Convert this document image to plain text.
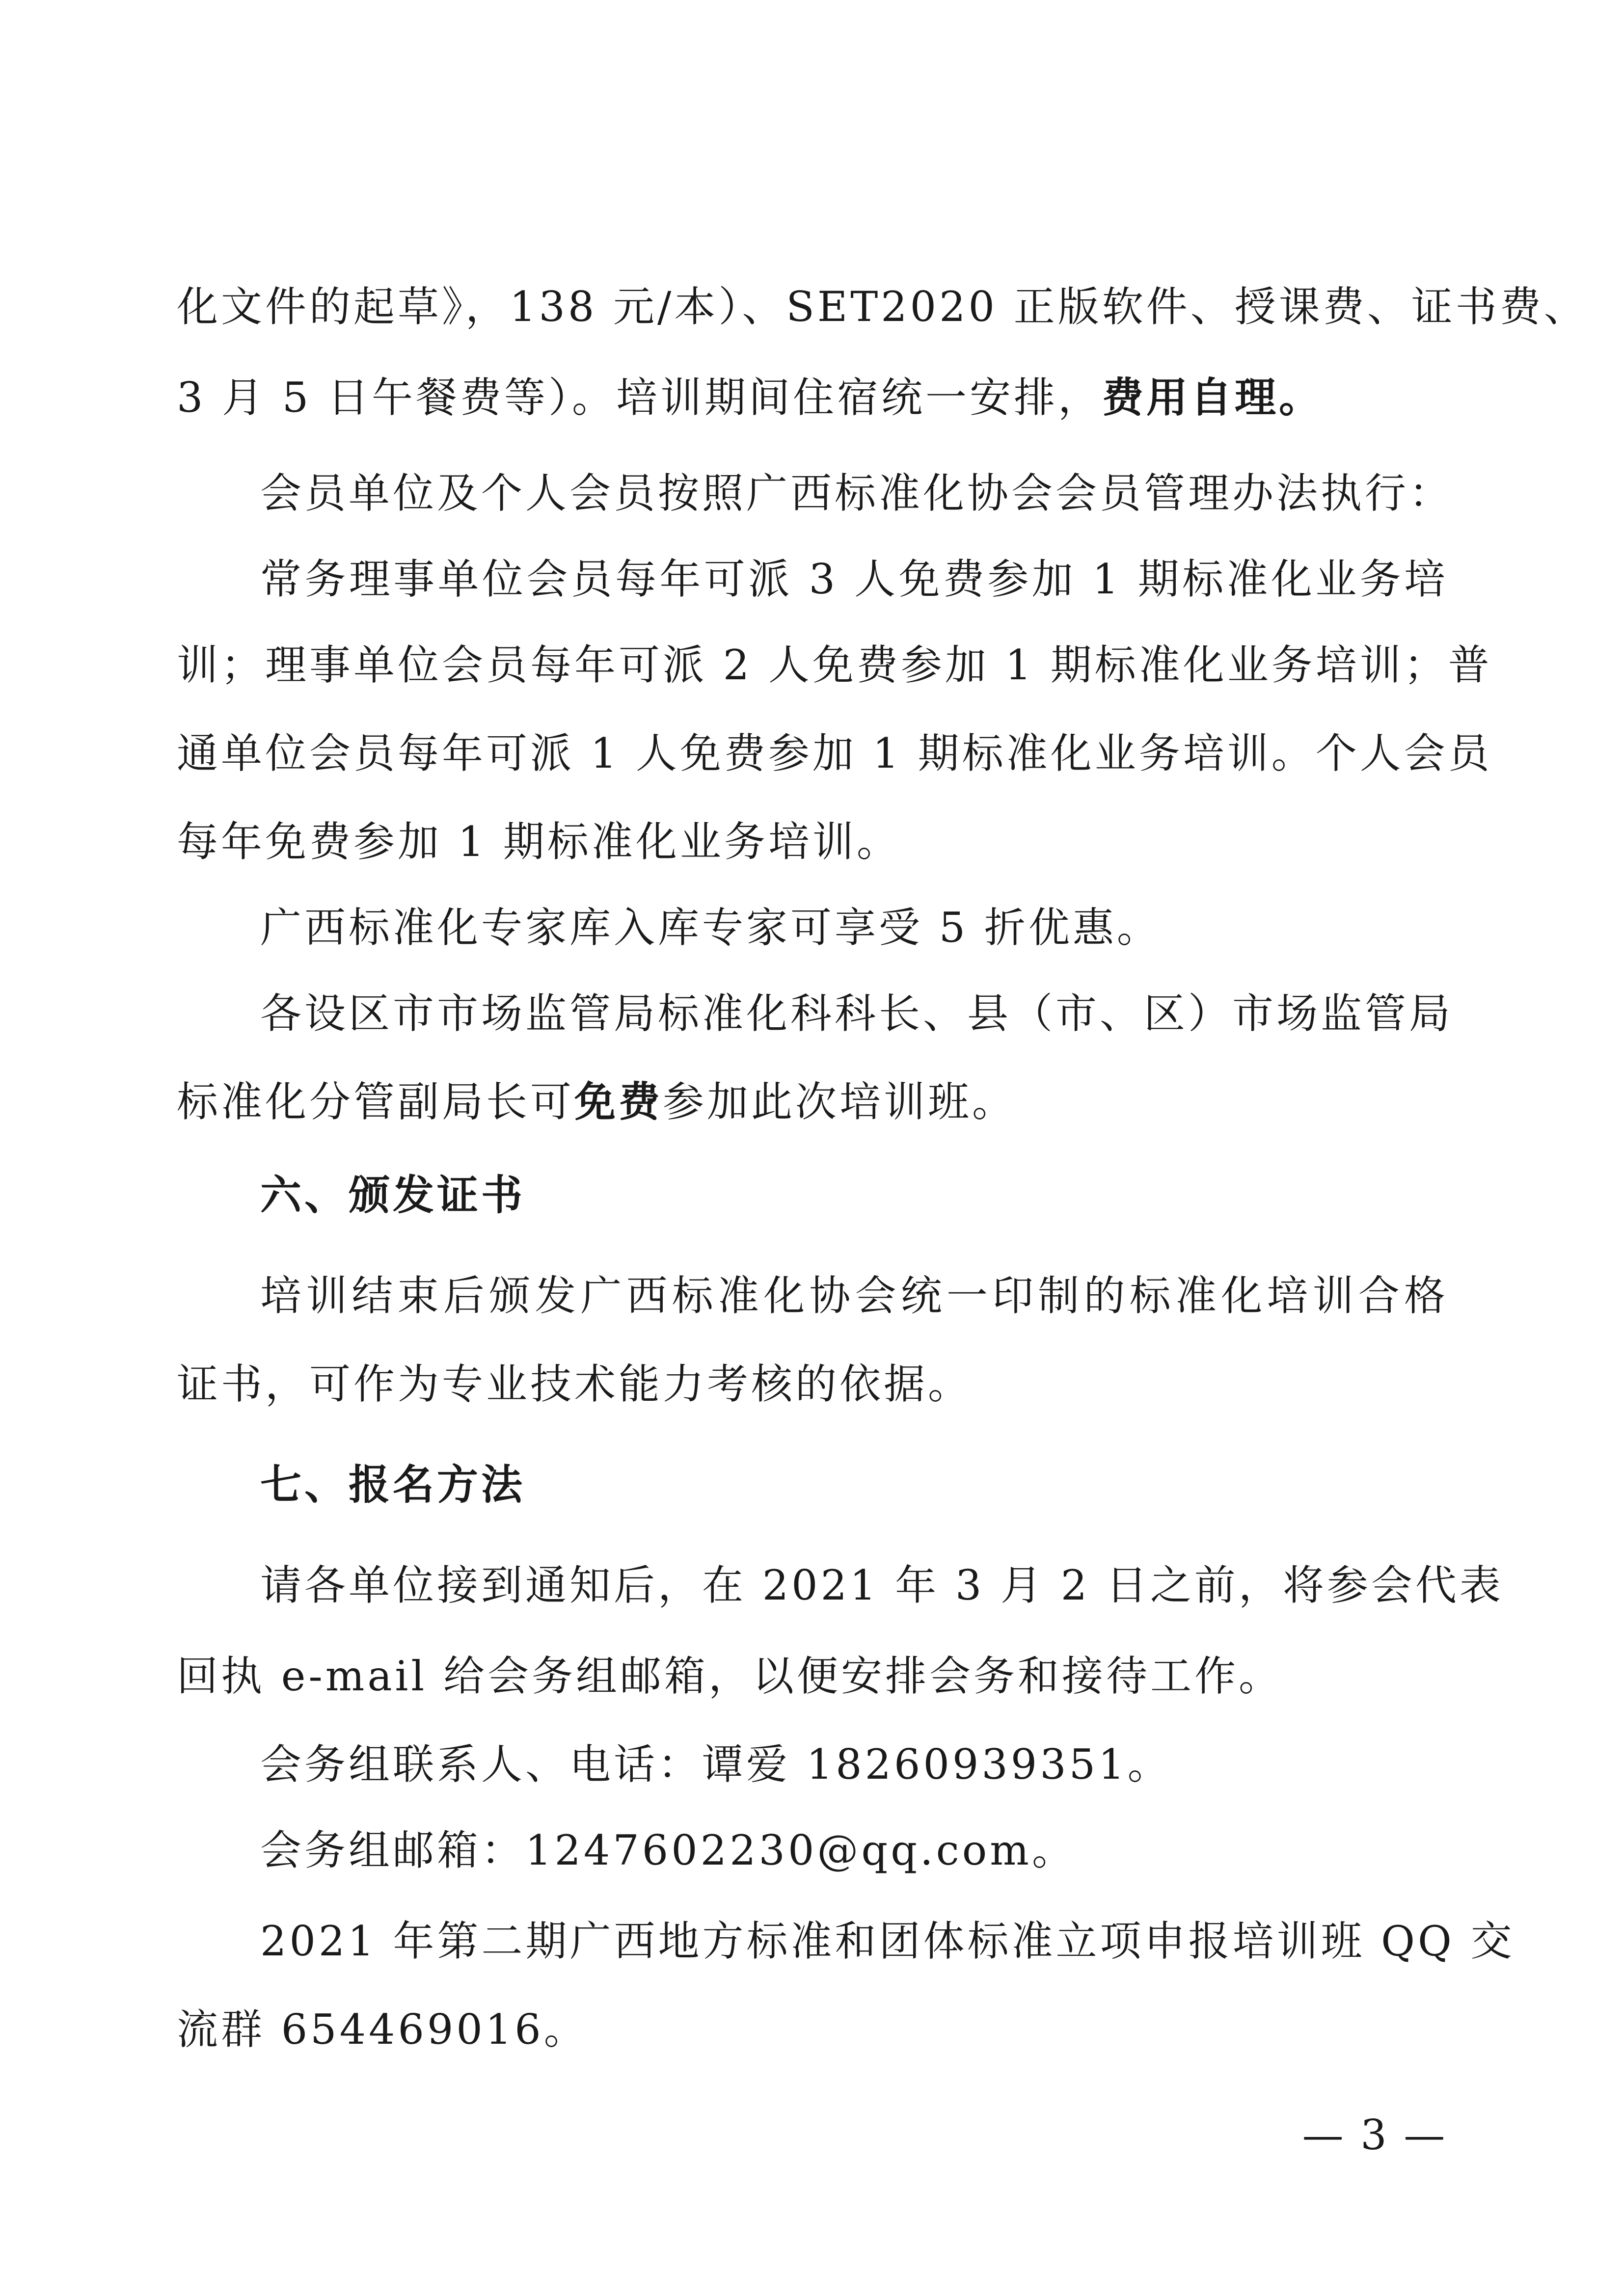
化文件的起草》，138 元/本）、SET2020 正版软件、授课费、证书费、
3 月 5 日午餐费等）。培训期间住宿统一安排，费用自理。
会员单位及个人会员按照广西标准化协会会员管理办法执行：
常务理事单位会员每年可派 3 人免费参加 1 期标准化业务培
训；理事单位会员每年可派 2 人免费参加 1 期标准化业务培训；普
通单位会员每年可派 1 人免费参加 1 期标准化业务培训。个人会员
每年免费参加 1 期标准化业务培训。
广西标准化专家库入库专家可享受 5 折优惠。
各设区市市场监管局标准化科科长、县（市、区）市场监管局
标准化分管副局长可免费参加此次培训班。
六、颁发证书
培训结束后颁发广西标准化协会统一印制的标准化培训合格
证书，可作为专业技术能力考核的依据。
七、报名方法
请各单位接到通知后，在 2021 年 3 月 2 日之前，将参会代表
回执 e-mail 给会务组邮箱，以便安排会务和接待工作。
会务组联系人、电话：谭爱 18260939351。
会务组邮箱：1247602230@qq.com。
2021 年第二期广西地方标准和团体标准立项申报培训班 QQ 交
流群 654469016。
— 3 —
